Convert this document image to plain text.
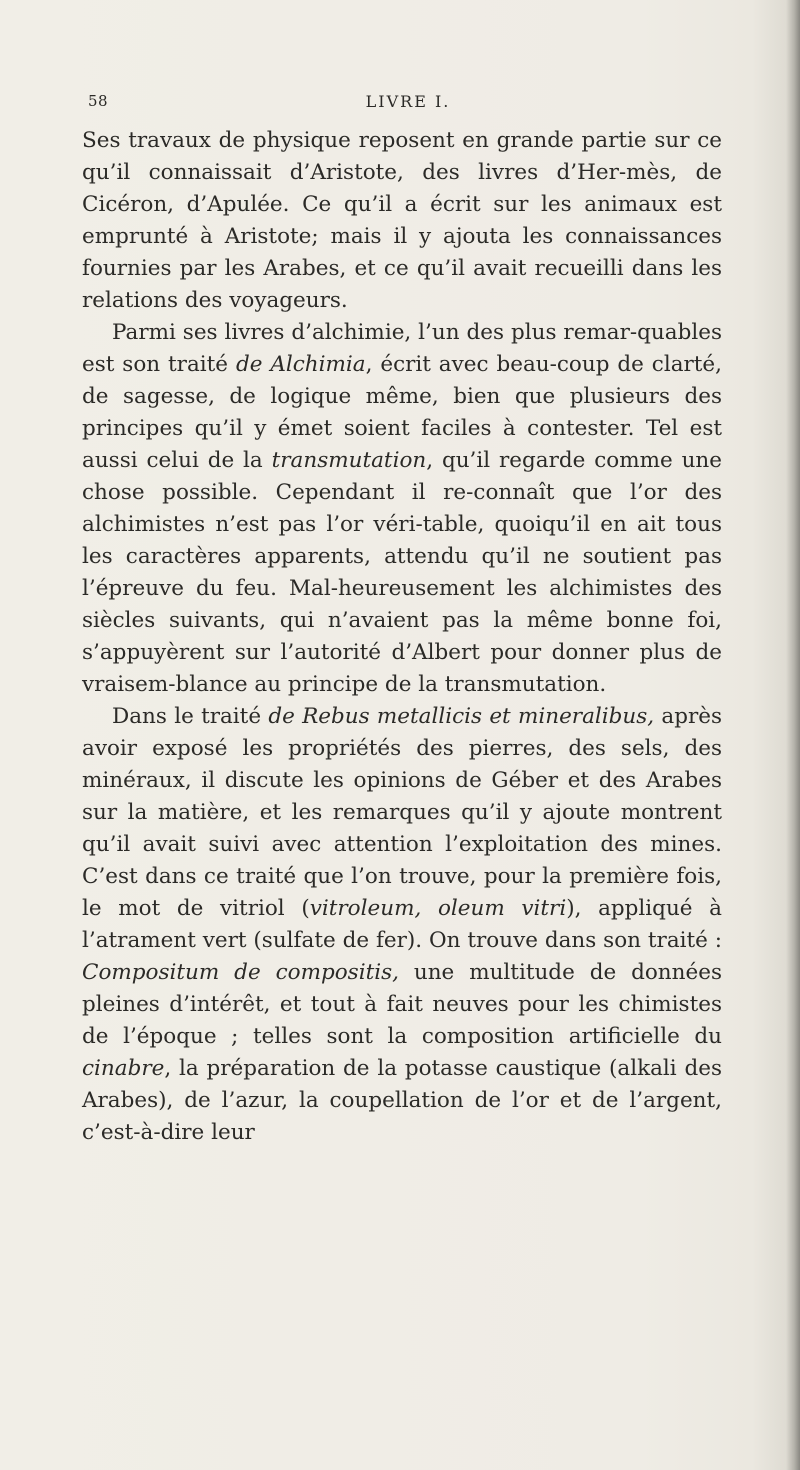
58	LIVRE I.

Ses travaux de physique reposent en grande partie sur ce qu’il connaissait d’Aristote, des livres d’Her-mès, de Cicéron, d’Apulée. Ce qu’il a écrit sur les animaux est emprunté à Aristote; mais il y ajouta les connaissances fournies par les Arabes, et ce qu’il avait recueilli dans les relations des voyageurs.

Parmi ses livres d’alchimie, l’un des plus remar-quables est son traité de Alchimia, écrit avec beau-coup de clarté, de sagesse, de logique même, bien que plusieurs des principes qu’il y émet soient faciles à contester. Tel est aussi celui de la transmutation, qu’il regarde comme une chose possible. Cependant il re-connaît que l’or des alchimistes n’est pas l’or véri-table, quoiqu’il en ait tous les caractères apparents, attendu qu’il ne soutient pas l’épreuve du feu. Mal-heureusement les alchimistes des siècles suivants, qui n’avaient pas la même bonne foi, s’appuyèrent sur l’autorité d’Albert pour donner plus de vraisem-blance au principe de la transmutation.

Dans le traité de Rebus metallicis et mineralibus, après avoir exposé les propriétés des pierres, des sels, des minéraux, il discute les opinions de Géber et des Arabes sur la matière, et les remarques qu’il y ajoute montrent qu’il avait suivi avec attention l’exploitation des mines. C’est dans ce traité que l’on trouve, pour la première fois, le mot de vitriol (vitroleum, oleum vitri), appliqué à l’atrament vert (sulfate de fer). On trouve dans son traité : Compositum de compositis, une multitude de données pleines d’intérêt, et tout à fait neuves pour les chimistes de l’époque ; telles sont la composition artificielle du cinabre, la préparation de la potasse caustique (alkali des Arabes), de l’azur, la coupellation de l’or et de l’argent, c’est-à-dire leur
